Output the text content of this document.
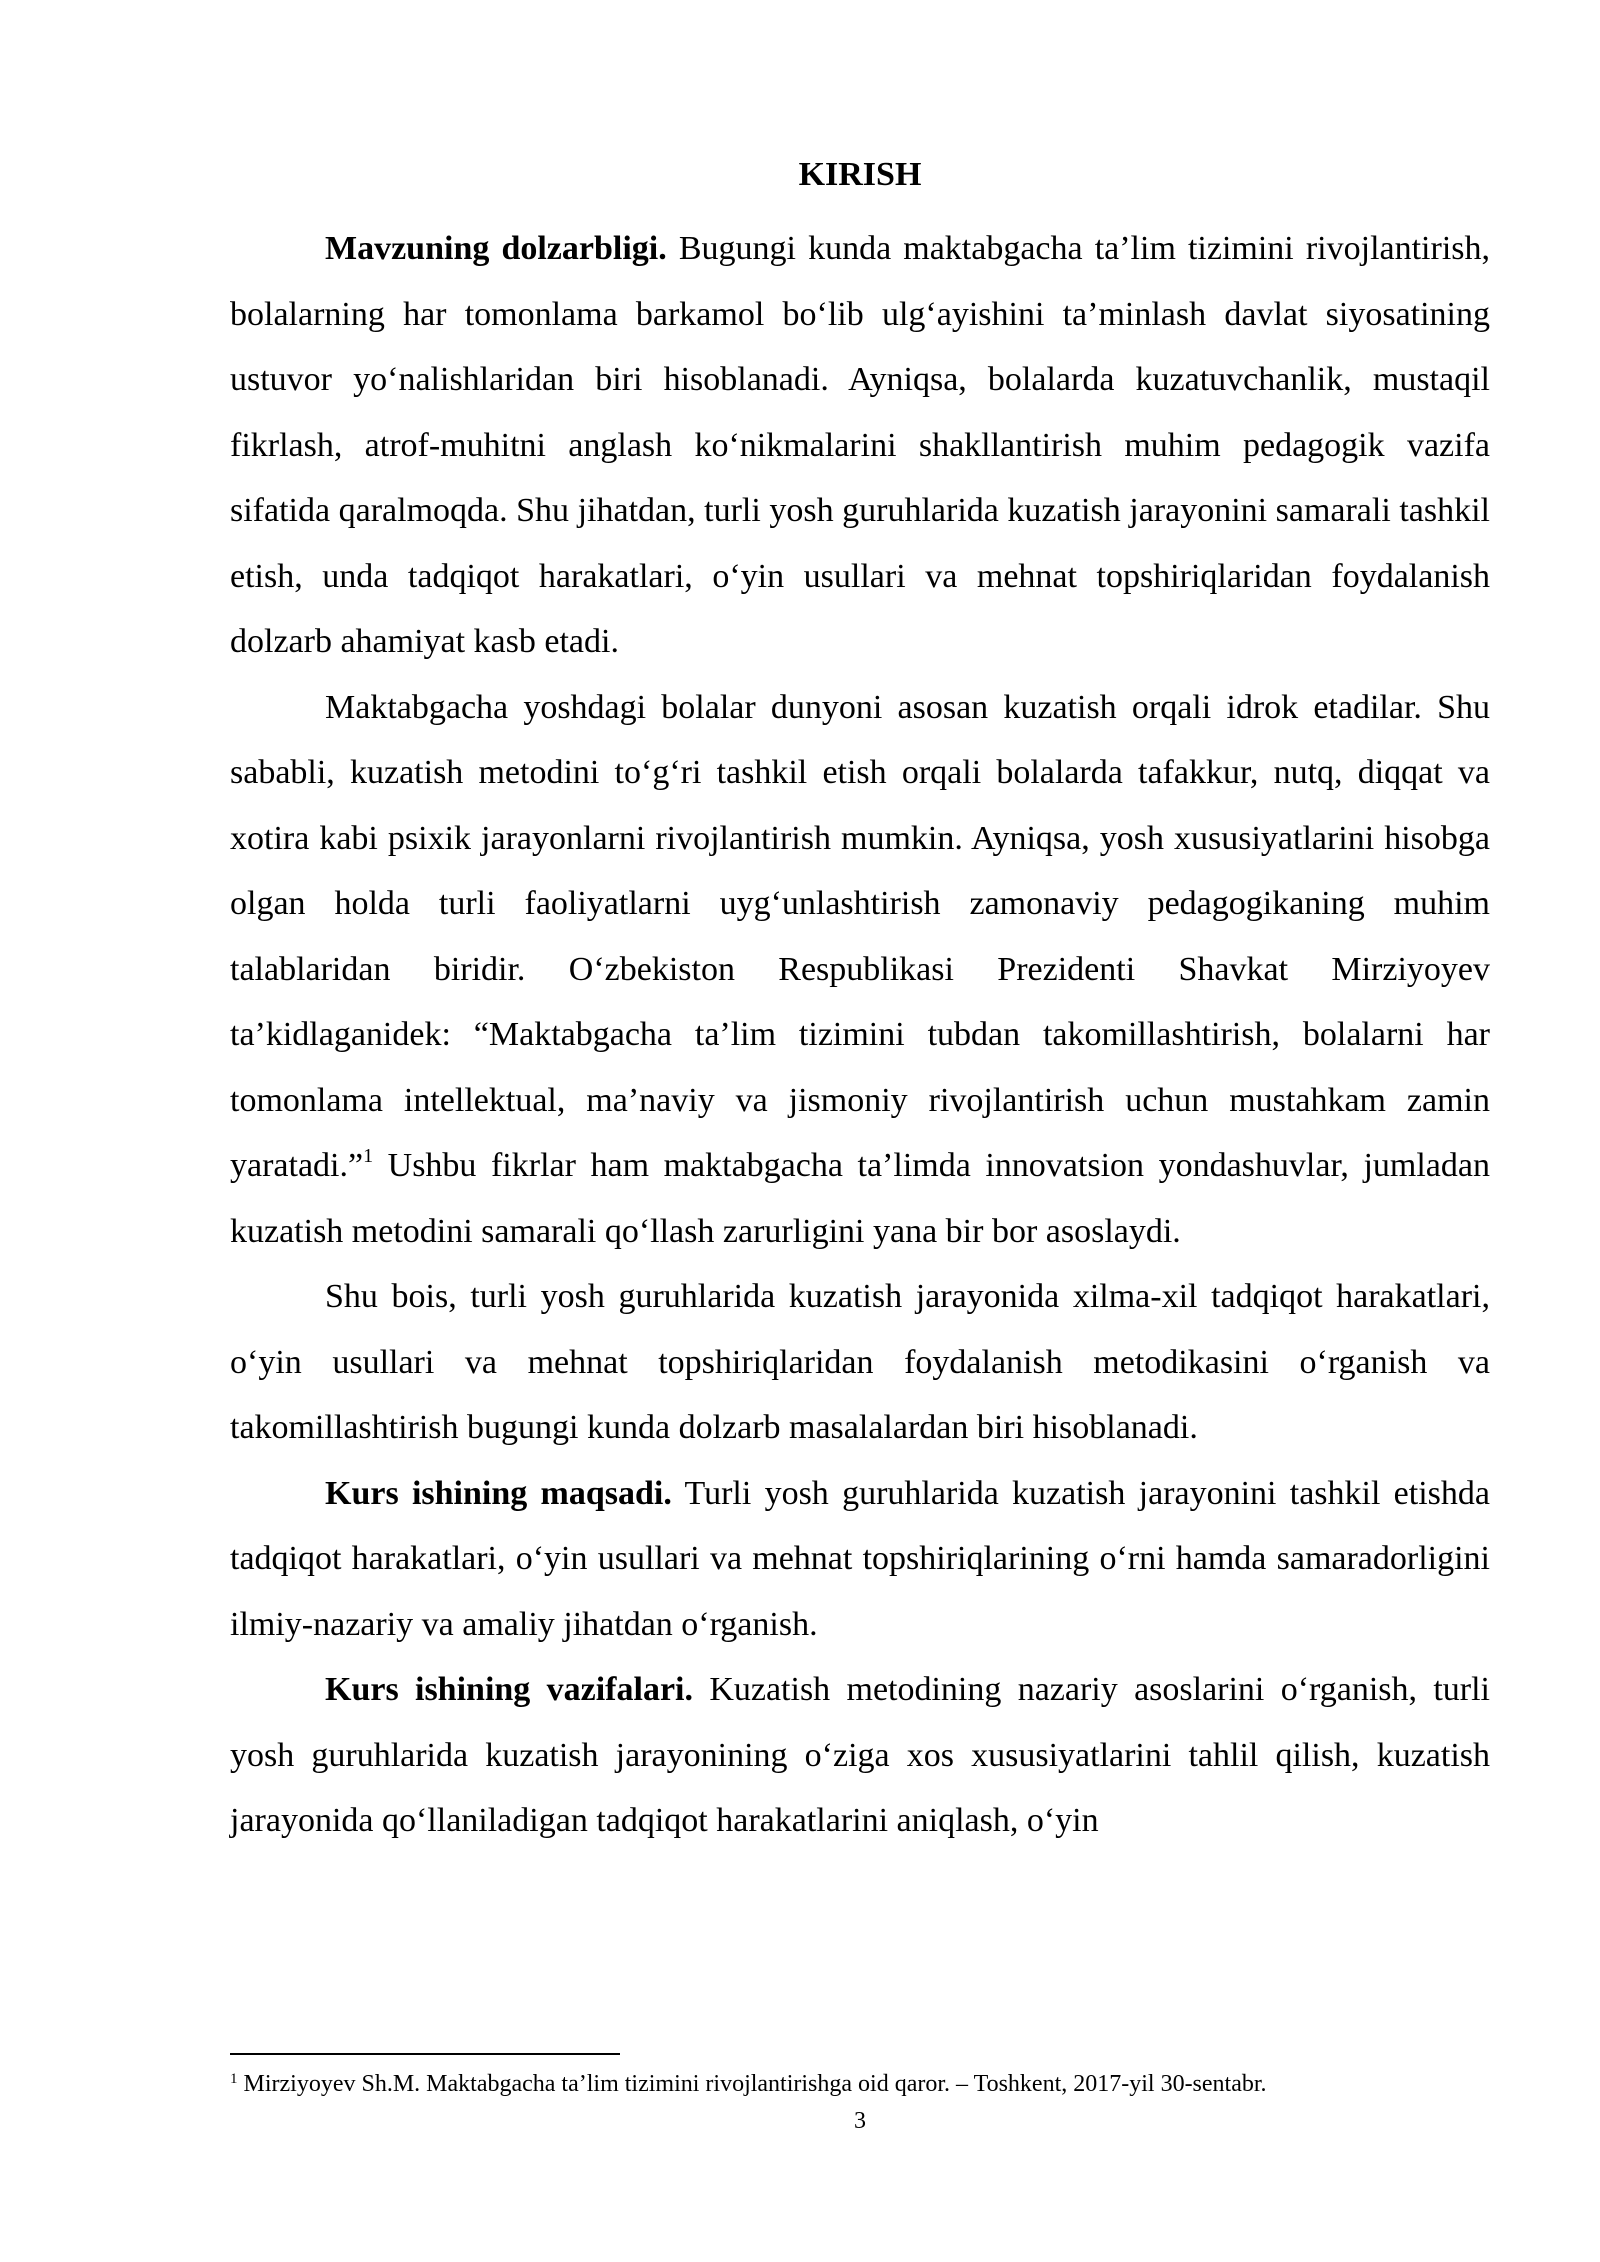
KIRISH

Mavzuning dolzarbligi. Bugungi kunda maktabgacha ta’lim tizimini rivojlantirish, bolalarning har tomonlama barkamol bo‘lib ulg‘ayishini ta’minlash davlat siyosatining ustuvor yo‘nalishlaridan biri hisoblanadi. Ayniqsa, bolalarda kuzatuvchanlik, mustaqil fikrlash, atrof-muhitni anglash ko‘nikmalarini shakllantirish muhim pedagogik vazifa sifatida qaralmoqda. Shu jihatdan, turli yosh guruhlarida kuzatish jarayonini samarali tashkil etish, unda tadqiqot harakatlari, o‘yin usullari va mehnat topshiriqlaridan foydalanish dolzarb ahamiyat kasb etadi.

Maktabgacha yoshdagi bolalar dunyoni asosan kuzatish orqali idrok etadilar. Shu sababli, kuzatish metodini to‘g‘ri tashkil etish orqali bolalarda tafakkur, nutq, diqqat va xotira kabi psixik jarayonlarni rivojlantirish mumkin. Ayniqsa, yosh xususiyatlarini hisobga olgan holda turli faoliyatlarni uyg‘unlashtirish zamonaviy pedagogikaning muhim talablaridan biridir. O‘zbekiston Respublikasi Prezidenti Shavkat Mirziyoyev ta’kidlaganidek: “Maktabgacha ta’lim tizimini tubdan takomillashtirish, bolalarni har tomonlama intellektual, ma’naviy va jismoniy rivojlantirish uchun mustahkam zamin yaratadi.”$^1$ Ushbu fikrlar ham maktabgacha ta’limda innovatsion yondashuvlar, jumladan kuzatish metodini samarali qo‘llash zarurligini yana bir bor asoslaydi.

Shu bois, turli yosh guruhlarida kuzatish jarayonida xilma-xil tadqiqot harakatlari, o‘yin usullari va mehnat topshiriqlaridan foydalanish metodikasini o‘rganish va takomillashtirish bugungi kunda dolzarb masalalardan biri hisoblanadi.

Kurs ishining maqsadi. Turli yosh guruhlarida kuzatish jarayonini tashkil etishda tadqiqot harakatlari, o‘yin usullari va mehnat topshiriqlarining o‘rni hamda samaradorligini ilmiy-nazariy va amaliy jihatdan o‘rganish.

Kurs ishining vazifalari. Kuzatish metodining nazariy asoslarini o‘rganish, turli yosh guruhlarida kuzatish jarayonining o‘ziga xos xususiyatlarini tahlil qilish, kuzatish jarayonida qo‘llaniladigan tadqiqot harakatlarini aniqlash, o‘yin

$^1$ Mirziyoyev Sh.M. Maktabgacha ta’lim tizimini rivojlantirishga oid qaror. – Toshkent, 2017-yil 30-sentabr.
3
